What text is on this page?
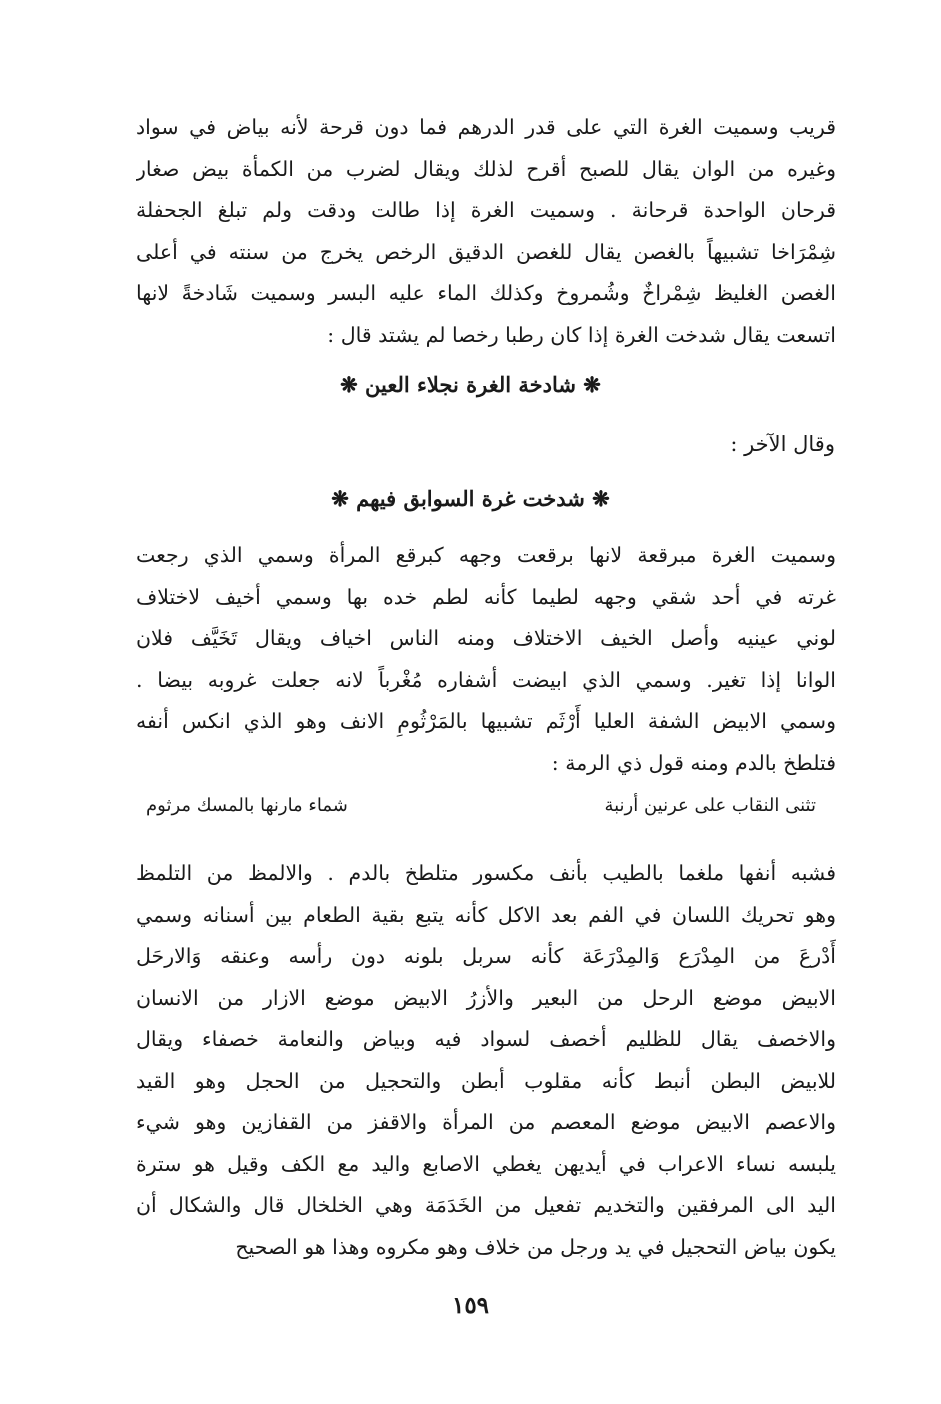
قريب وسميت الغرة التي على قدر الدرهم فما دون قرحة لأنه بياض في سواد
وغيره من الوان يقال للصبح أقرح لذلك ويقال لضرب من الكمأة بيض صغار
قرحان الواحدة قرحانة . وسميت الغرة إذا طالت ودقت ولم تبلغ الجحفلة
شِمْرَاخا تشبيهاً بالغصن يقال للغصن الدقيق الرخص يخرج من سنته في أعلى
الغصن الغليظ شِمْراخٌ وشُمروخ وكذلك الماء عليه البسر وسميت شَادخةً لانها
اتسعت يقال شدخت الغرة إذا كان رطبا رخصا لم يشتد قال :
❋ شادخة الغرة نجلاء العين ❋
وقال الآخر :
❋ شدخت غرة السوابق فيهم ❋
وسميت الغرة مبرقعة لانها برقعت وجهه كبرقع المرأة وسمي الذي رجعت
غرته في أحد شقي وجهه لطيما كأنه لطم خده بها وسمي أخيف لاختلاف
لوني عينيه وأصل الخيف الاختلاف ومنه الناس اخياف ويقال تَخَيَّف فلان
الوانا إذا تغير. وسمي الذي ابيضت أشفاره مُغْرباً لانه جعلت غروبه بيضا .
وسمي الابيض الشفة العليا أَرْثَم تشبيها بالمَرْثُومِ الانف وهو الذي انكس أنفه
فتلطخ بالدم ومنه قول ذي الرمة :
تثنى النقاب على عرنين أرنبة
شماء مارنها بالمسك مرثوم
فشبه أنفها ملغما بالطيب بأنف مكسور متلطخ بالدم . والالمظ من التلمظ
وهو تحريك اللسان في الفم بعد الاكل كأنه يتبع بقية الطعام بين أسنانه وسمي
أَدْرعَ من المِدْرَع وَالمِدْرَعَة كأنه سربل بلونه دون رأسه وعنقه وَالارحَل
الابيض موضع الرحل من البعير والأزرُ الابيض موضع الازار من الانسان
والاخصف يقال للظليم أخصف لسواد فيه وبياض والنعامة خصفاء ويقال
للابيض البطن أنبط كأنه مقلوب أبطن والتحجيل من الحجل وهو القيد
والاعصم الابيض موضع المعصم من المرأة والاقفز من القفازين وهو شيء
يلبسه نساء الاعراب في أيديهن يغطي الاصابع واليد مع الكف وقيل هو سترة
اليد الى المرفقين والتخديم تفعيل من الخَدَمَة وهي الخلخال قال والشكال أن
يكون بياض التحجيل في يد ورجل من خلاف وهو مكروه وهذا هو الصحيح
١٥٩
